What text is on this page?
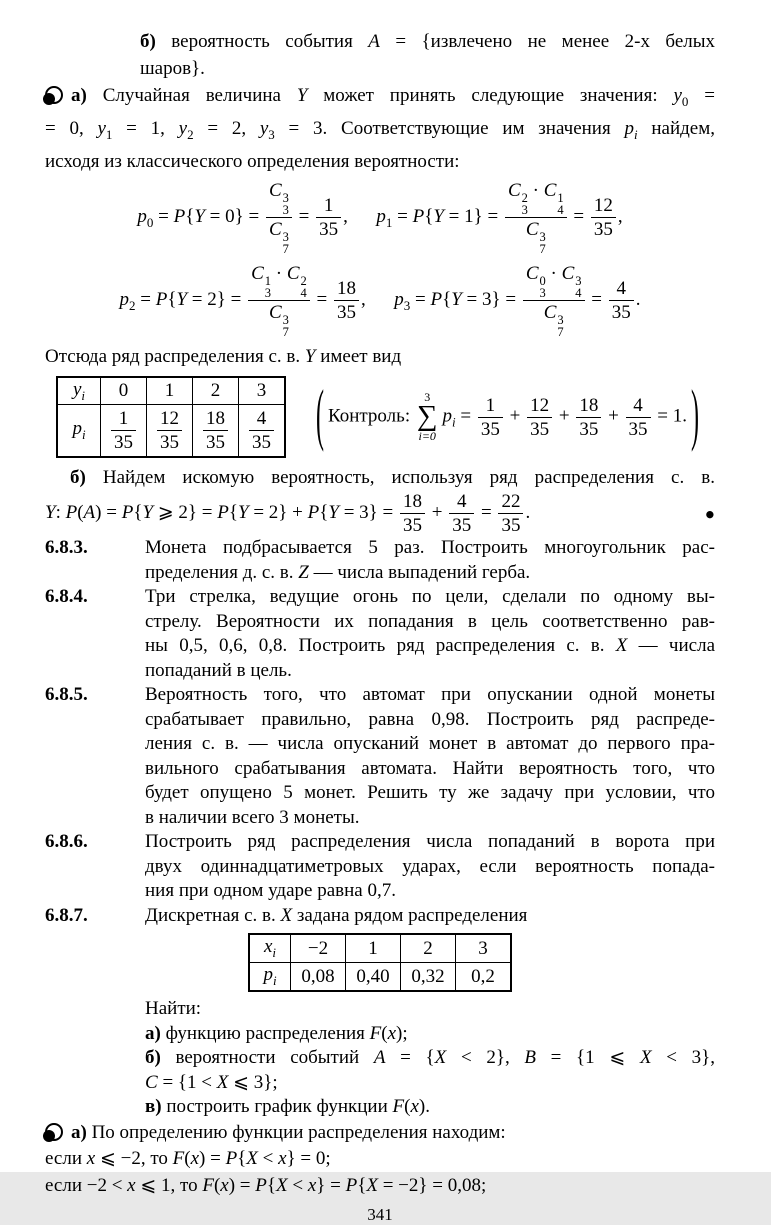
б) вероятность события A = {извлечено не менее 2-х белых
шаров}.
а) Случайная величина Y может принять следующие значения: $y_0$ =
= 0, $y_1 = 1$, $y_2 = 2$, $y_3 = 3$. Соответствующие им значения $p_i$ найдем,
исходя из классического определения вероятности:
$p_0 = P\{Y = 0\} = C$ 3
3
C 3
$7 = \frac{1}{35}$ ,  $p_1 = P\{Y = 1\} = C$ 2
3
· C 1
4
C 3
$7 = \frac{12}{35}$ ,
$p_2 = P\{Y = 2\} = C$ 1
3
· C 2
4
C 3
$7 = \frac{18}{35}$ ,  $p_3 = P\{Y = 3\} = C$ 0
3
· C 3
4
C 3
$7 = \frac{4}{35}$ .
Отсюда ряд распределения с. в. Y имеет вид
$y_i$	0	1	2	3
$p_i$	$\frac{1}{35}$	$\frac{12}{35}$	$\frac{18}{35}$	$\frac{4}{35}$ ( Контроль:
3
∑
i=0
$p_i = \frac{1}{35} + \frac{12}{35} + \frac{18}{35} + \frac{4}{35} = 1$. )
б) Найдем искомую вероятность, используя ряд распределения с. в.
Y: P(A) = P{Y ⩾ $2\} = P\{Y = 2\} + P\{Y = 3\} = \frac{18}{35} + \frac{4}{35} = \frac{22}{35}$ .	●
6.8.3.	Монета подбрасывается 5 раз. Построить многоугольник рас-
пределения д. с. в. Z — числа выпадений герба.
6.8.4.	Три стрелка, ведущие огонь по цели, сделали по одному вы-
стрелу. Вероятности их попадания в цель соответственно рав-
ны 0,5, 0,6, 0,8. Построить ряд распределения с. в. X — числа
попаданий в цель.
6.8.5.	Вероятность того, что автомат при опускании одной монеты
срабатывает правильно, равна 0,98. Построить ряд распреде-
ления с. в. — числа опусканий монет в автомат до первого пра-
вильного срабатывания автомата. Найти вероятность того, что
будет опущено 5 монет. Решить ту же задачу при условии, что
в наличии всего 3 монеты.
6.8.6.	Построить ряд распределения числа попаданий в ворота при
двух одиннадцатиметровых ударах, если вероятность попада-
ния при одном ударе равна 0,7.
6.8.7.	Дискретная с. в. X задана рядом распределения
$x_i$	−2	1	2	3
$p_i$	0,08	0,40	0,32	0,2
Найти:
а) функцию распределения F(x);
б) вероятности событий A = {X < 2}, B = {1 ⩽ X < 3},
C = {1 < X ⩽ 3};
в) построить график функции F(x).
а) По определению функции распределения находим:
если x ⩽ −2, то F(x) = P{X < x} = 0;
если −2 < x ⩽ 1, то F(x) = P{X < x} = P{X = −2} = 0,08;
341
